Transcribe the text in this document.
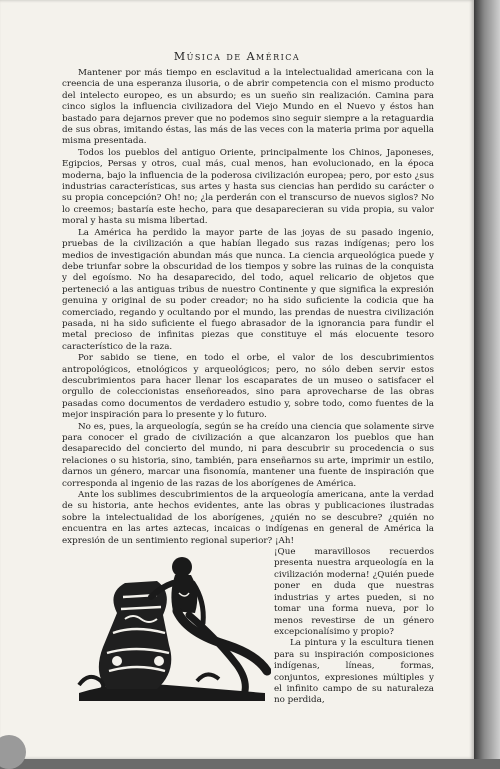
Música de América

Mantener por más tiempo en esclavitud a la intelectualidad americana con la creencia de una esperanza ilusoria, o de abrir competencia con el mismo producto del intelecto europeo, es un absurdo; es un sueño sin realización. Camina para cinco siglos la influencia civilizadora del Viejo Mundo en el Nuevo y éstos han bastado para dejarnos prever que no podemos sino seguir siempre a la retaguardia de sus obras, imitando éstas, las más de las veces con la materia prima por aquella misma presentada.

Todos los pueblos del antiguo Oriente, principalmente los Chinos, Japoneses, Egipcios, Persas y otros, cual más, cual menos, han evolucionado, en la época moderna, bajo la influencia de la poderosa civilización europea; pero, por esto ¿sus industrias características, sus artes y hasta sus ciencias han perdido su carácter o su propia concepción? Oh! no; ¿la perderán con el transcurso de nuevos siglos? No lo creemos; bastaría este hecho, para que desaparecieran su vida propia, su valor moral y hasta su misma libertad.

La América ha perdido la mayor parte de las joyas de su pasado ingenio, pruebas de la civilización a que habían llegado sus razas indígenas; pero los medios de investigación abundan más que nunca. La ciencia arqueológica puede y debe triunfar sobre la obscuridad de los tiempos y sobre las ruinas de la conquista y del egoísmo. No ha desaparecido, del todo, aquel relicario de objetos que perteneció a las antiguas tribus de nuestro Continente y que significa la expresión genuina y original de su poder creador; no ha sido suficiente la codicia que ha comerciado, regando y ocultando por el mundo, las prendas de nuestra civilización pasada, ni ha sido suficiente el fuego abrasador de la ignorancia para fundir el metal precioso de infinitas piezas que constituye el más elocuente tesoro característico de la raza.

Por sabido se tiene, en todo el orbe, el valor de los descubrimientos antropológicos, etnológicos y arqueológicos; pero, no sólo deben servir estos descubrimientos para hacer llenar los escaparates de un museo o satisfacer el orgullo de coleccionistas enseñoreados, sino para aprovecharse de las obras pasadas como documentos de verdadero estudio y, sobre todo, como fuentes de la mejor inspiración para lo presente y lo futuro.

No es, pues, la arqueología, según se ha creído una ciencia que solamente sirve para conocer el grado de civilización a que alcanzaron los pueblos que han desaparecido del concierto del mundo, ni para descubrir su procedencia o sus relaciones o su historia, sino, también, para enseñarnos su arte, imprimir un estilo, darnos un género, marcar una fisonomía, mantener una fuente de inspiración que corresponda al ingenio de las razas de los aborígenes de América.

Ante los sublimes descubrimientos de la arqueología americana, ante la verdad de su historia, ante hechos evidentes, ante las obras y publicaciones ilustradas sobre la intelectualidad de los aborígenes, ¿quién no se descubre? ¿quién no encuentra en las artes aztecas, incaicas o indígenas en general de América la expresión de un sentimiento regional superior? ¡Ah!

¡Que maravillosos recuerdos presenta nuestra arqueología en la civilización moderna! ¿Quién puede poner en duda que nuestras industrias y artes pueden, si no tomar una forma nueva, por lo menos revestirse de un género excepcionalísimo y propio?

La pintura y la escultura tienen para su inspiración composiciones indígenas, líneas, formas, conjuntos, expresiones múltiples y el infinito campo de su naturaleza no perdida,
